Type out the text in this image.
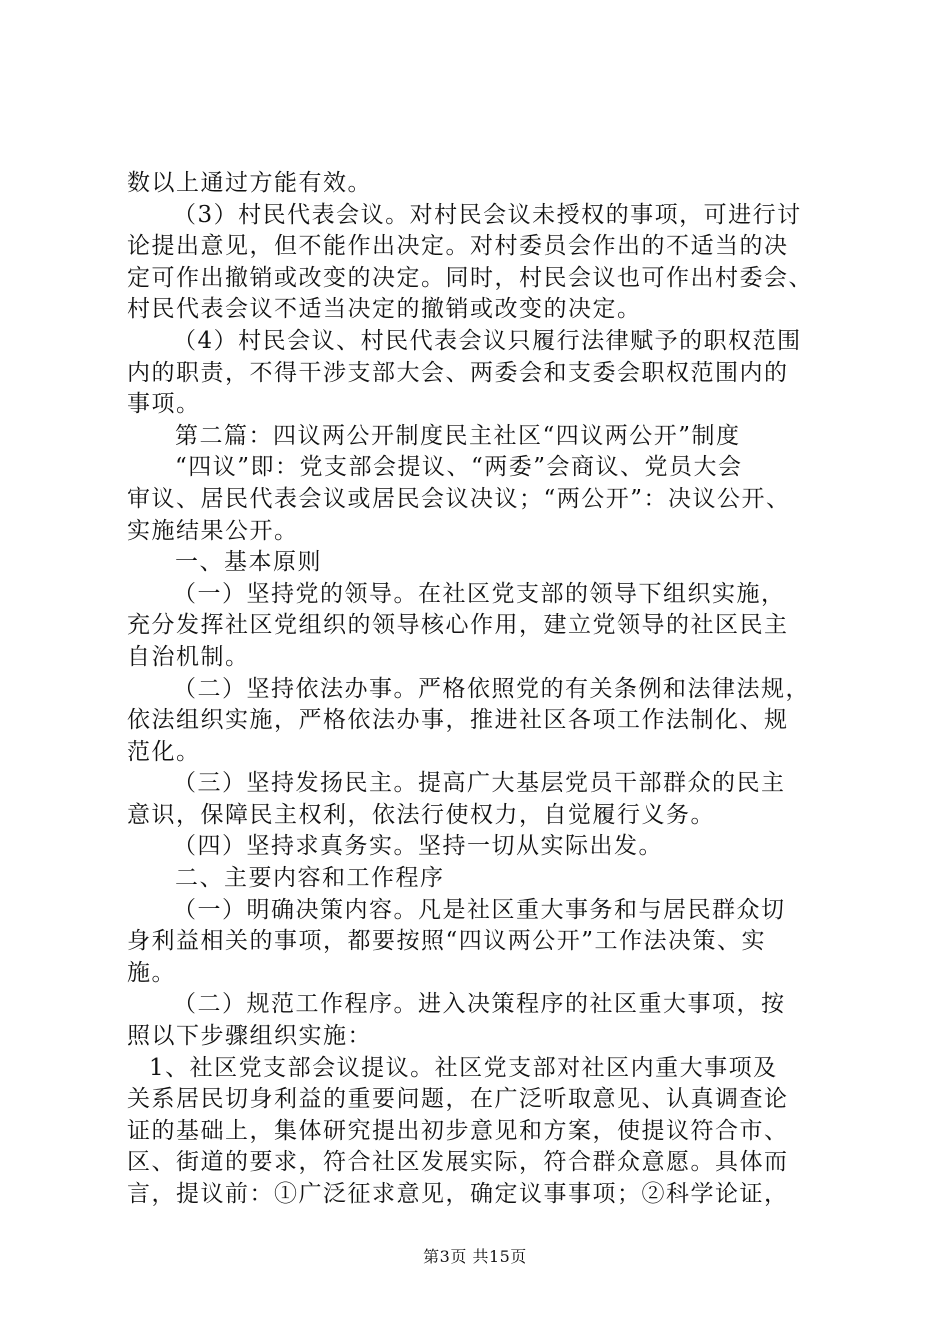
数以上通过方能有效。
（3）村民代表会议。对村民会议未授权的事项，可进行讨
论提出意见，但不能作出决定。对村委员会作出的不适当的决
定可作出撤销或改变的决定。同时，村民会议也可作出村委会、
村民代表会议不适当决定的撤销或改变的决定。
（4）村民会议、村民代表会议只履行法律赋予的职权范围
内的职责，不得干涉支部大会、两委会和支委会职权范围内的
事项。
第二篇：四议两公开制度民主社区“四议两公开”制度
“四议”即：党支部会提议、“两委”会商议、党员大会
审议、居民代表会议或居民会议决议；“两公开”：决议公开、
实施结果公开。
一、基本原则
（一）坚持党的领导。在社区党支部的领导下组织实施，
充分发挥社区党组织的领导核心作用，建立党领导的社区民主
自治机制。
（二）坚持依法办事。严格依照党的有关条例和法律法规，
依法组织实施，严格依法办事，推进社区各项工作法制化、规
范化。
（三）坚持发扬民主。提高广大基层党员干部群众的民主
意识，保障民主权利，依法行使权力，自觉履行义务。
（四）坚持求真务实。坚持一切从实际出发。
二、主要内容和工作程序
（一）明确决策内容。凡是社区重大事务和与居民群众切
身利益相关的事项，都要按照“四议两公开”工作法决策、实
施。
（二）规范工作程序。进入决策程序的社区重大事项，按
照以下步骤组织实施：
1、社区党支部会议提议。社区党支部对社区内重大事项及
关系居民切身利益的重要问题，在广泛听取意见、认真调查论
证的基础上，集体研究提出初步意见和方案，使提议符合市、
区、街道的要求，符合社区发展实际，符合群众意愿。具体而
言，提议前：①广泛征求意见，确定议事事项；②科学论证，
第3页 共15页
